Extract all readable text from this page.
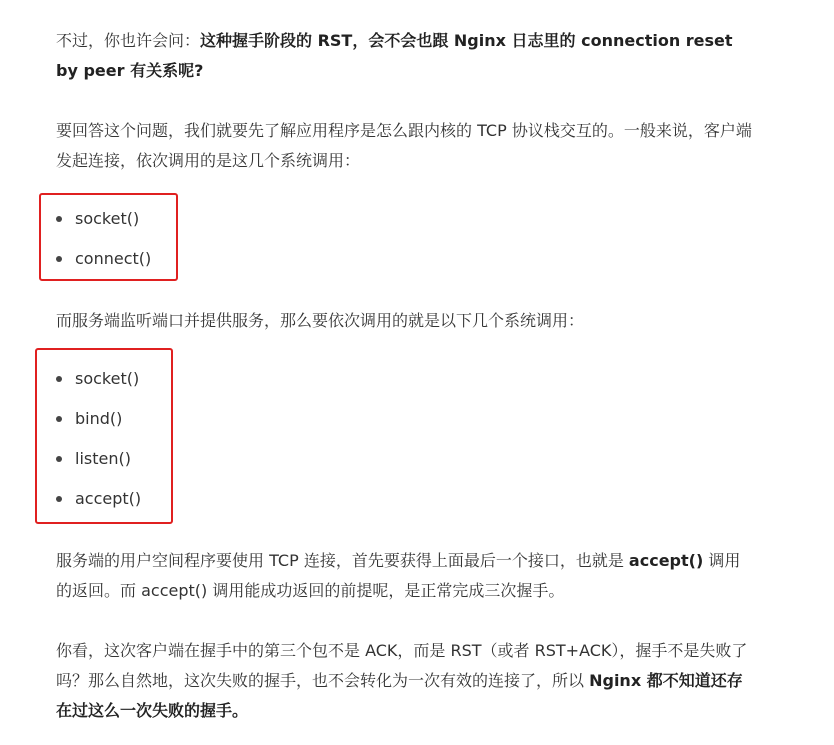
不过，你也许会问：这种握手阶段的 RST，会不会也跟 Nginx 日志里的 connection reset by peer 有关系呢?

要回答这个问题，我们就要先了解应用程序是怎么跟内核的 TCP 协议栈交互的。一般来说，客户端发起连接，依次调用的是这几个系统调用：

socket()
connect()

而服务端监听端口并提供服务，那么要依次调用的就是以下几个系统调用：

socket()
bind()
listen()
accept()

服务端的用户空间程序要使用 TCP 连接，首先要获得上面最后一个接口，也就是 accept() 调用的返回。而 accept() 调用能成功返回的前提呢，是正常完成三次握手。

你看，这次客户端在握手中的第三个包不是 ACK，而是 RST（或者 RST+ACK），握手不是失败了吗？那么自然地，这次失败的握手，也不会转化为一次有效的连接了，所以 Nginx 都不知道还存在过这么一次失败的握手。
